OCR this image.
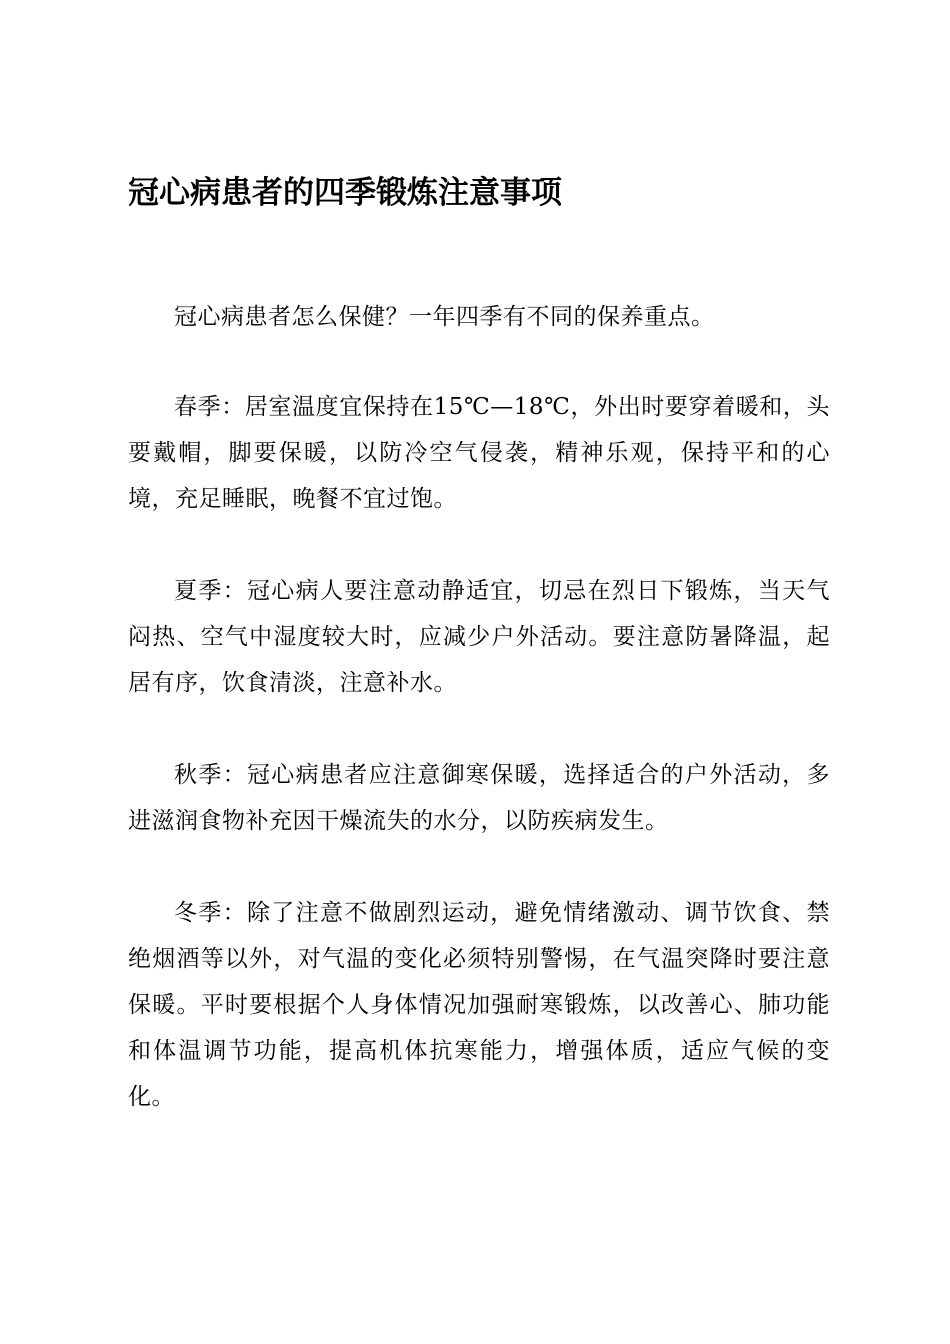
冠心病患者的四季锻炼注意事项

冠心病患者怎么保健？一年四季有不同的保养重点。

春季：居室温度宜保持在15℃—18℃，外出时要穿着暖和，头要戴帽，脚要保暖，以防冷空气侵袭，精神乐观，保持平和的心境，充足睡眠，晚餐不宜过饱。

夏季：冠心病人要注意动静适宜，切忌在烈日下锻炼，当天气闷热、空气中湿度较大时，应减少户外活动。要注意防暑降温，起居有序，饮食清淡，注意补水。

秋季：冠心病患者应注意御寒保暖，选择适合的户外活动，多进滋润食物补充因干燥流失的水分，以防疾病发生。

冬季：除了注意不做剧烈运动，避免情绪激动、调节饮食、禁绝烟酒等以外，对气温的变化必须特别警惕，在气温突降时要注意保暖。平时要根据个人身体情况加强耐寒锻炼，以改善心、肺功能和体温调节功能，提高机体抗寒能力，增强体质，适应气候的变化。
